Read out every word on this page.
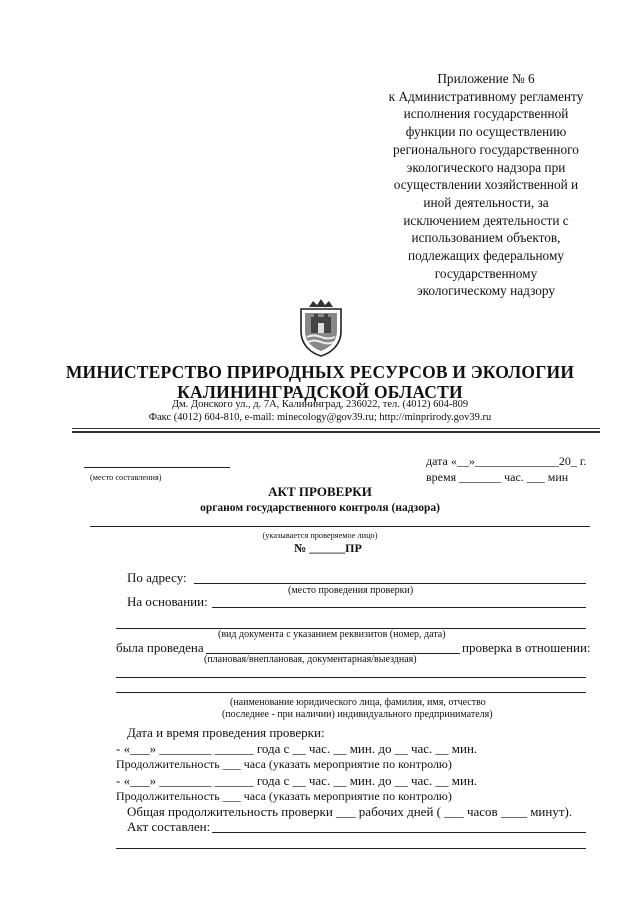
Приложение № 6
к Административному регламенту
исполнения государственной
функции по осуществлению
регионального государственного
экологического надзора при
осуществлении хозяйственной и
иной деятельности, за
исключением деятельности с
использованием объектов,
подлежащих федеральному
государственному
экологическому надзору
МИНИСТЕРСТВО ПРИРОДНЫХ РЕСУРСОВ И ЭКОЛОГИИ
КАЛИНИНГРАДСКОЙ ОБЛАСТИ
Дм. Донского ул., д. 7А, Калининград, 236022, тел. (4012) 604-809
Факс (4012) 604-810, e-mail: minecology@gov39.ru; http://minprirody.gov39.ru
(место составления)
дата «__»______________20_ г.
время _______ час. ___ мин
АКТ ПРОВЕРКИ
органом государственного контроля (надзора)
(указывается проверяемое лицо)
№ ______ПР
По адресу:
(место проведения проверки)
На основании:
(вид документа с указанием реквизитов (номер, дата)
была проведена	проверка в отношении:
(плановая/внеплановая, документарная/выездная)
(наименование юридического лица, фамилия, имя, отчество
(последнее - при наличии) индивидуального предпринимателя)
Дата и время проведения проверки:
- «___» ________ ______ года с __ час. __ мин. до __ час. __ мин.
Продолжительность ___ часа (указать мероприятие по контролю)
- «___» ________ ______ года с __ час. __ мин. до __ час. __ мин.
Продолжительность ___ часа (указать мероприятие по контролю)
Общая продолжительность проверки ___ рабочих дней ( ___ часов ____ минут).
Акт составлен:
